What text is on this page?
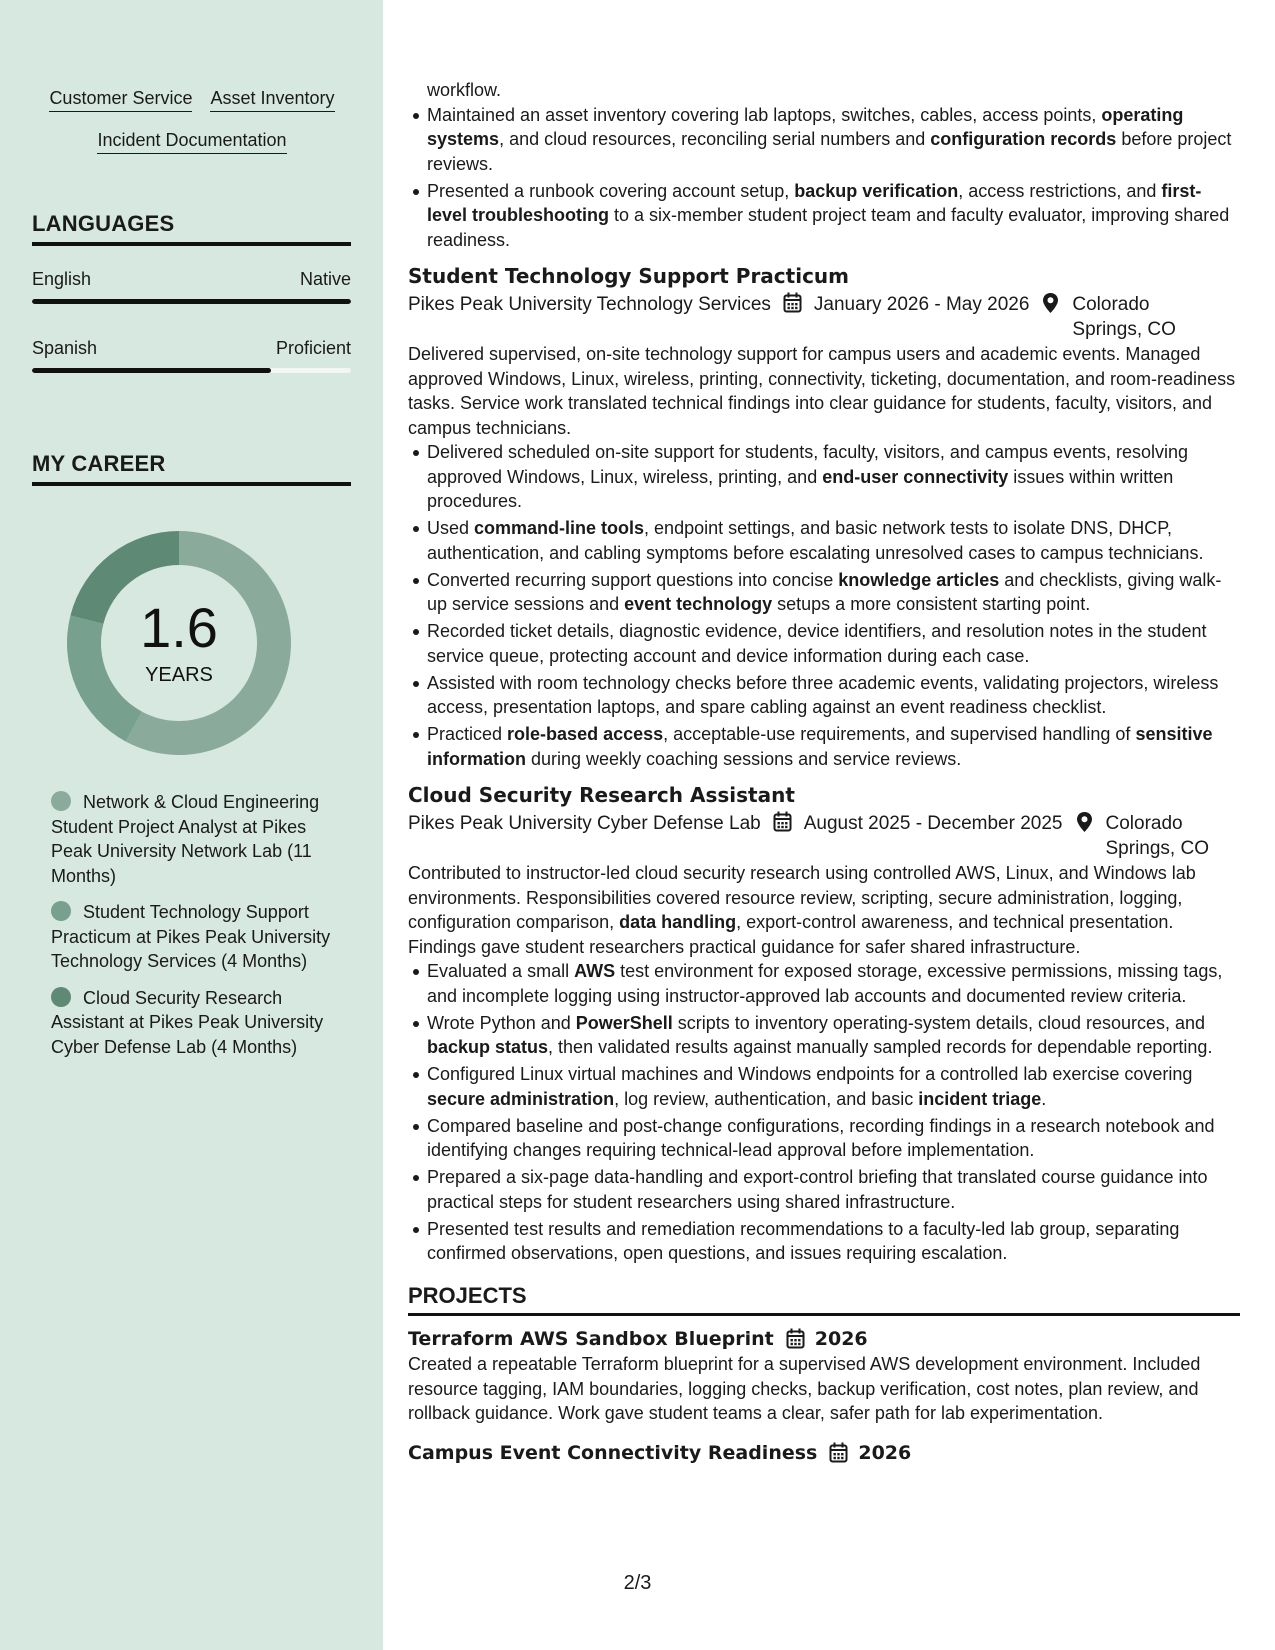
Customer Service Asset Inventory
Incident Documentation
LANGUAGES
English	Native
Spanish	Proficient
MY CAREER
1.6
YEARS
Network & Cloud Engineering Student Project Analyst at Pikes Peak University Network Lab (11 Months)
Student Technology Support Practicum at Pikes Peak University Technology Services (4 Months)
Cloud Security Research Assistant at Pikes Peak University Cyber Defense Lab (4 Months)

workflow.

Maintained an asset inventory covering lab laptops, switches, cables, access points, operating systems, and cloud resources, reconciling serial numbers and configuration records before project reviews.
Presented a runbook covering account setup, backup verification, access restrictions, and first-level troubleshooting to a six-member student project team and faculty evaluator, improving shared readiness.
Student Technology Support Practicum
Pikes Peak University Technology Services January 2026 - May 2026 Colorado Springs, CO

Delivered supervised, on-site technology support for campus users and academic events. Managed approved Windows, Linux, wireless, printing, connectivity, ticketing, documentation, and room-readiness tasks. Service work translated technical findings into clear guidance for students, faculty, visitors, and campus technicians.

Delivered scheduled on-site support for students, faculty, visitors, and campus events, resolving approved Windows, Linux, wireless, printing, and end-user connectivity issues within written procedures.
Used command-line tools, endpoint settings, and basic network tests to isolate DNS, DHCP, authentication, and cabling symptoms before escalating unresolved cases to campus technicians.
Converted recurring support questions into concise knowledge articles and checklists, giving walk-up service sessions and event technology setups a more consistent starting point.
Recorded ticket details, diagnostic evidence, device identifiers, and resolution notes in the student service queue, protecting account and device information during each case.
Assisted with room technology checks before three academic events, validating projectors, wireless access, presentation laptops, and spare cabling against an event readiness checklist.
Practiced role-based access, acceptable-use requirements, and supervised handling of sensitive information during weekly coaching sessions and service reviews.
Cloud Security Research Assistant
Pikes Peak University Cyber Defense Lab August 2025 - December 2025 Colorado Springs, CO

Contributed to instructor-led cloud security research using controlled AWS, Linux, and Windows lab environments. Responsibilities covered resource review, scripting, secure administration, logging, configuration comparison, data handling, export-control awareness, and technical presentation. Findings gave student researchers practical guidance for safer shared infrastructure.

Evaluated a small AWS test environment for exposed storage, excessive permissions, missing tags, and incomplete logging using instructor-approved lab accounts and documented review criteria.
Wrote Python and PowerShell scripts to inventory operating-system details, cloud resources, and backup status, then validated results against manually sampled records for dependable reporting.
Configured Linux virtual machines and Windows endpoints for a controlled lab exercise covering secure administration, log review, authentication, and basic incident triage.
Compared baseline and post-change configurations, recording findings in a research notebook and identifying changes requiring technical-lead approval before implementation.
Prepared a six-page data-handling and export-control briefing that translated course guidance into practical steps for student researchers using shared infrastructure.
Presented test results and remediation recommendations to a faculty-led lab group, separating confirmed observations, open questions, and issues requiring escalation.
PROJECTS
Terraform AWS Sandbox Blueprint 2026

Created a repeatable Terraform blueprint for a supervised AWS development environment. Included resource tagging, IAM boundaries, logging checks, backup verification, cost notes, plan review, and rollback guidance. Work gave student teams a clear, safer path for lab experimentation.

Campus Event Connectivity Readiness 2026
2/3
